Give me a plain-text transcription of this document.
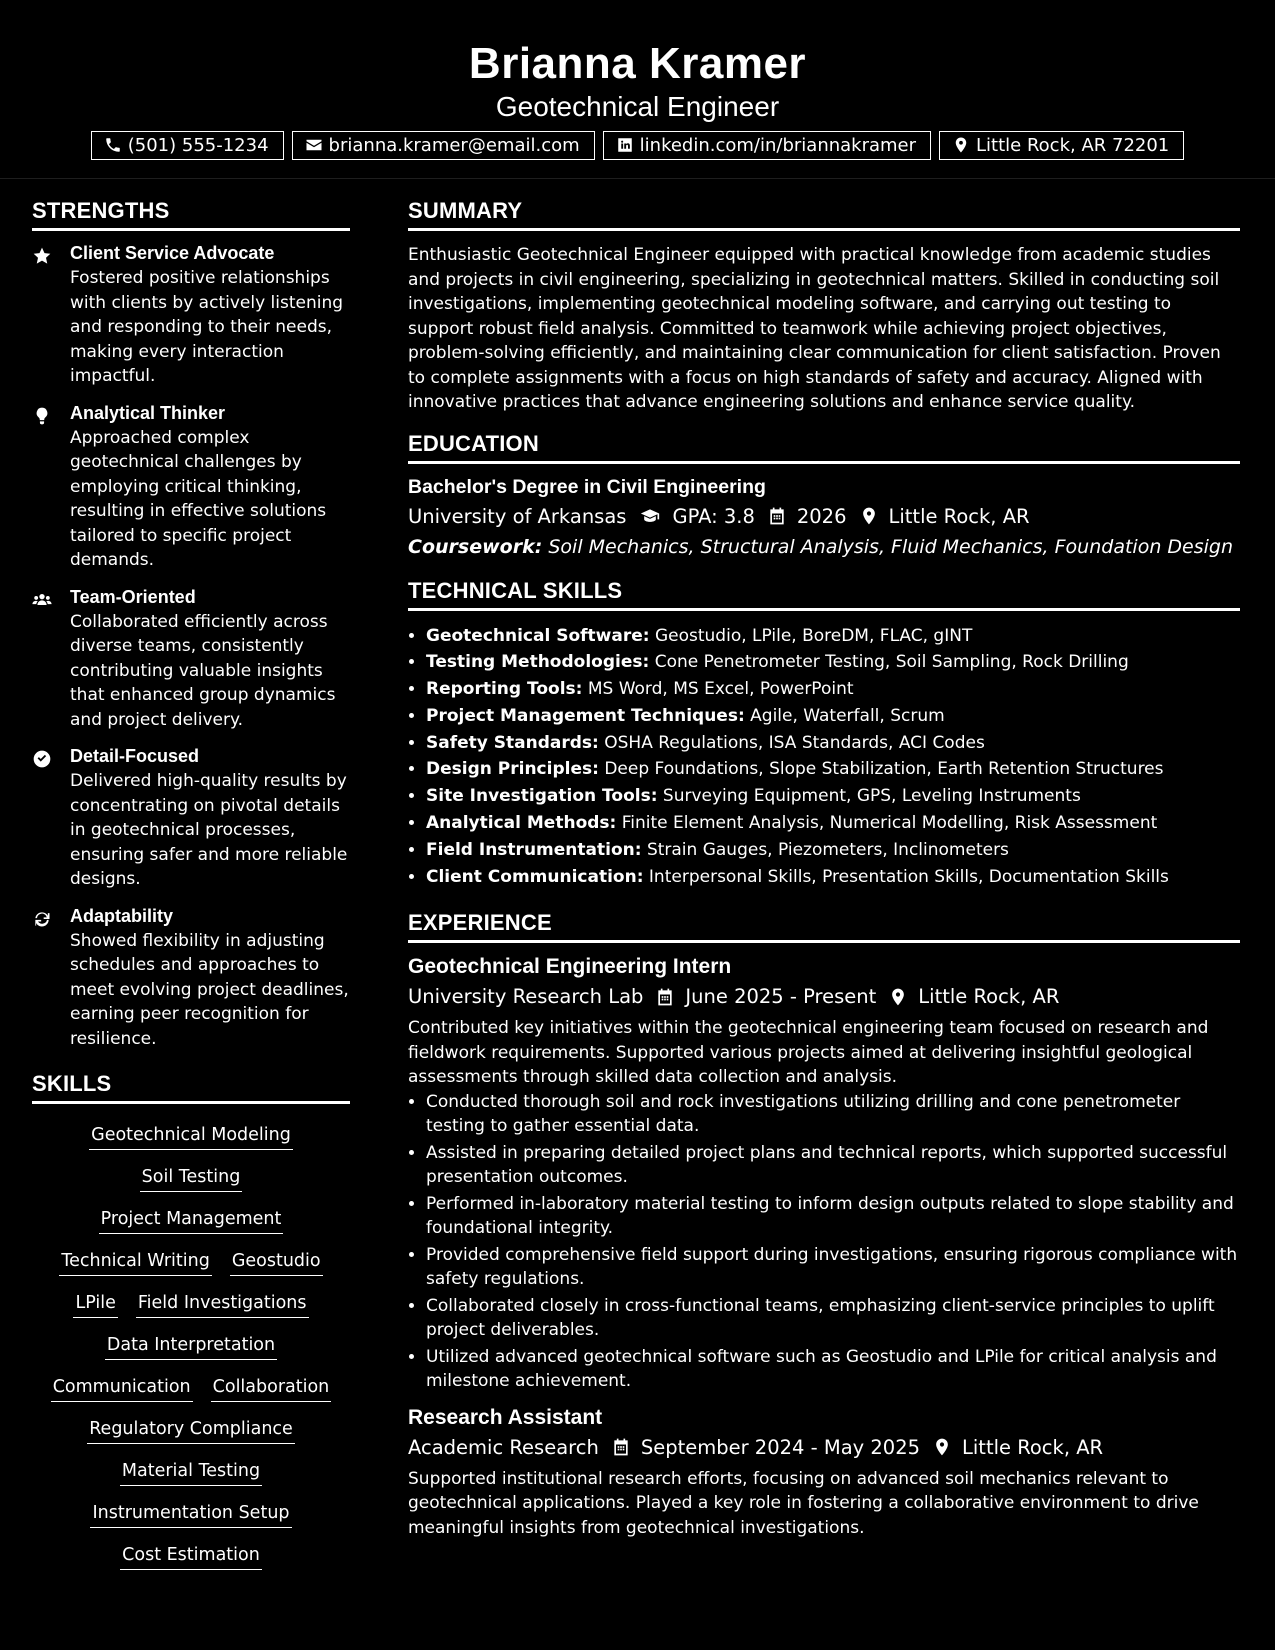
Brianna Kramer
Geotechnical Engineer
(501) 555-1234	brianna.kramer@email.com	linkedin.com/in/briannakramer	Little Rock, AR 72201
STRENGTHS
Client Service Advocate
Fostered positive relationships with clients by actively listening and responding to their needs, making every interaction impactful.
Analytical Thinker
Approached complex geotechnical challenges by employing critical thinking, resulting in effective solutions tailored to specific project demands.
Team-Oriented
Collaborated efficiently across diverse teams, consistently contributing valuable insights that enhanced group dynamics and project delivery.
Detail-Focused
Delivered high-quality results by concentrating on pivotal details in geotechnical processes, ensuring safer and more reliable designs.
Adaptability
Showed flexibility in adjusting schedules and approaches to meet evolving project deadlines, earning peer recognition for resilience.
SKILLS
Geotechnical Modeling
Soil Testing
Project Management
Technical Writing Geostudio
LPile Field Investigations
Data Interpretation
Communication Collaboration
Regulatory Compliance
Material Testing
Instrumentation Setup
Cost Estimation
SUMMARY

Enthusiastic Geotechnical Engineer equipped with practical knowledge from academic studies and projects in civil engineering, specializing in geotechnical matters. Skilled in conducting soil investigations, implementing geotechnical modeling software, and carrying out testing to support robust field analysis. Committed to teamwork while achieving project objectives, problem-solving efficiently, and maintaining clear communication for client satisfaction. Proven to complete assignments with a focus on high standards of safety and accuracy. Aligned with innovative practices that advance engineering solutions and enhance service quality.

EDUCATION
Bachelor's Degree in Civil Engineering
University of Arkansas GPA: 3.8 2026 Little Rock, AR
Coursework: Soil Mechanics, Structural Analysis, Fluid Mechanics, Foundation Design
TECHNICAL SKILLS
• Geotechnical Software: Geostudio, LPile, BoreDM, FLAC, gINT
• Testing Methodologies: Cone Penetrometer Testing, Soil Sampling, Rock Drilling
• Reporting Tools: MS Word, MS Excel, PowerPoint
• Project Management Techniques: Agile, Waterfall, Scrum
• Safety Standards: OSHA Regulations, ISA Standards, ACI Codes
• Design Principles: Deep Foundations, Slope Stabilization, Earth Retention Structures
• Site Investigation Tools: Surveying Equipment, GPS, Leveling Instruments
• Analytical Methods: Finite Element Analysis, Numerical Modelling, Risk Assessment
• Field Instrumentation: Strain Gauges, Piezometers, Inclinometers
• Client Communication: Interpersonal Skills, Presentation Skills, Documentation Skills
EXPERIENCE
Geotechnical Engineering Intern
University Research Lab June 2025 - Present Little Rock, AR
Contributed key initiatives within the geotechnical engineering team focused on research and fieldwork requirements. Supported various projects aimed at delivering insightful geological assessments through skilled data collection and analysis.
• Conducted thorough soil and rock investigations utilizing drilling and cone penetrometer testing to gather essential data.
• Assisted in preparing detailed project plans and technical reports, which supported successful presentation outcomes.
• Performed in-laboratory material testing to inform design outputs related to slope stability and foundational integrity.
• Provided comprehensive field support during investigations, ensuring rigorous compliance with safety regulations.
• Collaborated closely in cross-functional teams, emphasizing client-service principles to uplift project deliverables.
• Utilized advanced geotechnical software such as Geostudio and LPile for critical analysis and milestone achievement.
Research Assistant
Academic Research September 2024 - May 2025 Little Rock, AR
Supported institutional research efforts, focusing on advanced soil mechanics relevant to geotechnical applications. Played a key role in fostering a collaborative environment to drive meaningful insights from geotechnical investigations.
